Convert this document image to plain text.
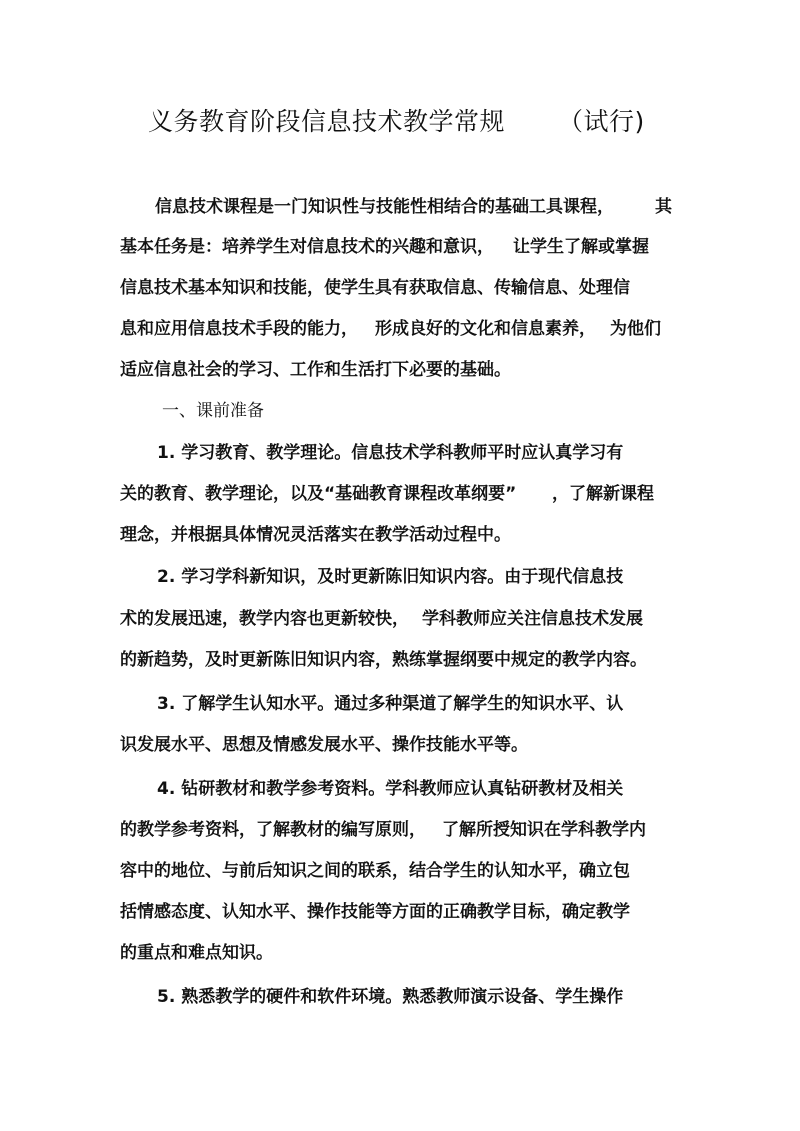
义务教育阶段信息技术教学常规 （试行)
信息技术课程是一门知识性与技能性相结合的基础工具课程， 其
基本任务是：培养学生对信息技术的兴趣和意识， 让学生了解或掌握
信息技术基本知识和技能，使学生具有获取信息、传输信息、处理信
息和应用信息技术手段的能力， 形成良好的文化和信息素养， 为他们
适应信息社会的学习、工作和生活打下必要的基础。
一、课前准备
1. 学习教育、教学理论。信息技术学科教师平时应认真学习有
关的教育、教学理论，以及“基础教育课程改革纲要” ，了解新课程
理念，并根据具体情况灵活落实在教学活动过程中。
2. 学习学科新知识，及时更新陈旧知识内容。由于现代信息技
术的发展迅速，教学内容也更新较快， 学科教师应关注信息技术发展
的新趋势，及时更新陈旧知识内容，熟练掌握纲要中规定的教学内容。
3. 了解学生认知水平。通过多种渠道了解学生的知识水平、认
识发展水平、思想及情感发展水平、操作技能水平等。
4. 钻研教材和教学参考资料。学科教师应认真钻研教材及相关
的教学参考资料，了解教材的编写原则， 了解所授知识在学科教学内
容中的地位、与前后知识之间的联系，结合学生的认知水平，确立包
括情感态度、认知水平、操作技能等方面的正确教学目标，确定教学
的重点和难点知识。
5. 熟悉教学的硬件和软件环境。熟悉教师演示设备、学生操作
